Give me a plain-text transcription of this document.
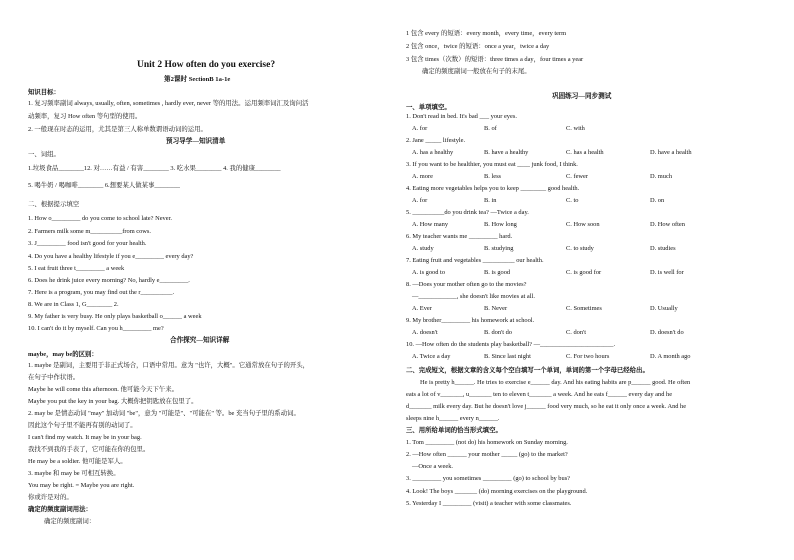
Unit 2 How often do you exercise?
第2课时 SectionB 1a-1e
知识目标：
1. 复习频率副词 always, usually, often, sometimes , hardly ever, never 等的用法。运用频率词汇及询问活
动频率，复习 How often 等句型的使用。
2. 一般现在时态的运用，尤其是第三人称单数谓语动词的运用。
预习导学—知识清单
一、词组。
1.垃圾食品________12. 对……有益 / 有害________ 3. 吃水果________ 4. 我的健康________
5. 喝牛奶 / 喝咖啡________ 6.想要某人做某事________
二、根据提示填空
1. How o_________ do you come to school late? Never.
2. Farmers milk some m__________from cows.
3. J_________ food isn't good for your health.
4. Do you have a healthy lifestyle if you e_________ every day?
5. I eat fruit three t_________ a week
6. Does he drink juice every morning? No, hardly e_________.
7. Here is a program, you may find out the r__________.
8. We are in Class 1, G________ 2.
9. My father is very busy. He only plays basketball o______ a week
10. I can't do it by myself. Can you h_________ me?
合作探究—知识详解
maybe，may be的区别：
1. maybe 是副词，主要用于非正式场合，口语中常用。意为 "也许，大概"。它通常放在句子的开头，
在句子中作状语。
Maybe he will come this afternoon. 他可能今天下午来。
Maybe you put the key in your bag. 大概你把钥匙放在包里了。
2. may be 是情态动词 "may" 加动词 "be"，意为 "可能是"、"可能在" 等。be 充当句子里的系动词。
因此这个句子里不能再有别的动词了。
I can't find my watch. It may be in your bag.
我找不到我的手表了，它可能在你的包里。
He may be a soldier. 他可能是军人。
3. maybe 和 may be 可相互转换。
You may be right. = Maybe you are right.
你或许是对的。
确定的频度副词用法：
确定的频度副词：
1 包含 every 的短语：every month，every time，every term
2 包含 once，twice 的短语：once a year，twice a day
3 包含 times（次数）的短语：three times a day，four times a year
确定的频度副词一般放在句子的末尾。
巩固练习—同步测试
一、单项填空。
1. Don't read in bed. It's bad ___ your eyes.
A. for	B. of	C. with
2. Jane _____ lifestyle.
A. has a healthy	B. have a healthy	C. has a health	D. have a health
3. If you want to be healthier, you must eat ____ junk food, I think.
A. more	B. less	C. fewer	D. much
4. Eating more vegetables helps you to keep ________ good health.
A. for	B. in	C. to	D. on
5. __________do you drink tea? —Twice a day.
A. How many	B. How long	C. How soon	D. How often
6. My teacher wants me _________ hard.
A. study	B. studying	C. to study	D. studies
7. Eating fruit and vegetables __________ our health.
A. is good to	B. is good	C. is good for	D. is well for
8. —Does your mother often go to the movies?
—____________, she doesn't like movies at all.
A. Ever	B. Never	C. Sometimes	D. Usually
9. My brother_________ his homework at school.
A. doesn't	B. don't do	C. don't	D. doesn't do
10. —How often do the students play basketball? —_______________________.
A. Twice a day	B. Since last night	C. For two hours	D. A month ago
二、完成短文，根据文章的含义每个空白填写一个单词，单词的第一个字母已经给出。
He is pretty h______. He tries to exercise e______ day. And his eating habits are p______ good. He often
eats a lot of v_______, u_______ ten to eleven t_______ a week. And he eats f______ every day and he
d_______ milk every day. But he doesn't love j______ food very much, so he eat it only once a week. And he
sleeps nine h______ every n______.
三、用所给单词的恰当形式填空。
1. Tom _________ (not do) his homework on Sunday morning.
2. —How often ______ your mother _____ (go) to the market?
—Once a week.
3. _________ you sometimes _________ (go) to school by bus?
4. Look! The boys _______ (do) morning exercises on the playground.
5. Yesterday I _________ (visit) a teacher with some classmates.
